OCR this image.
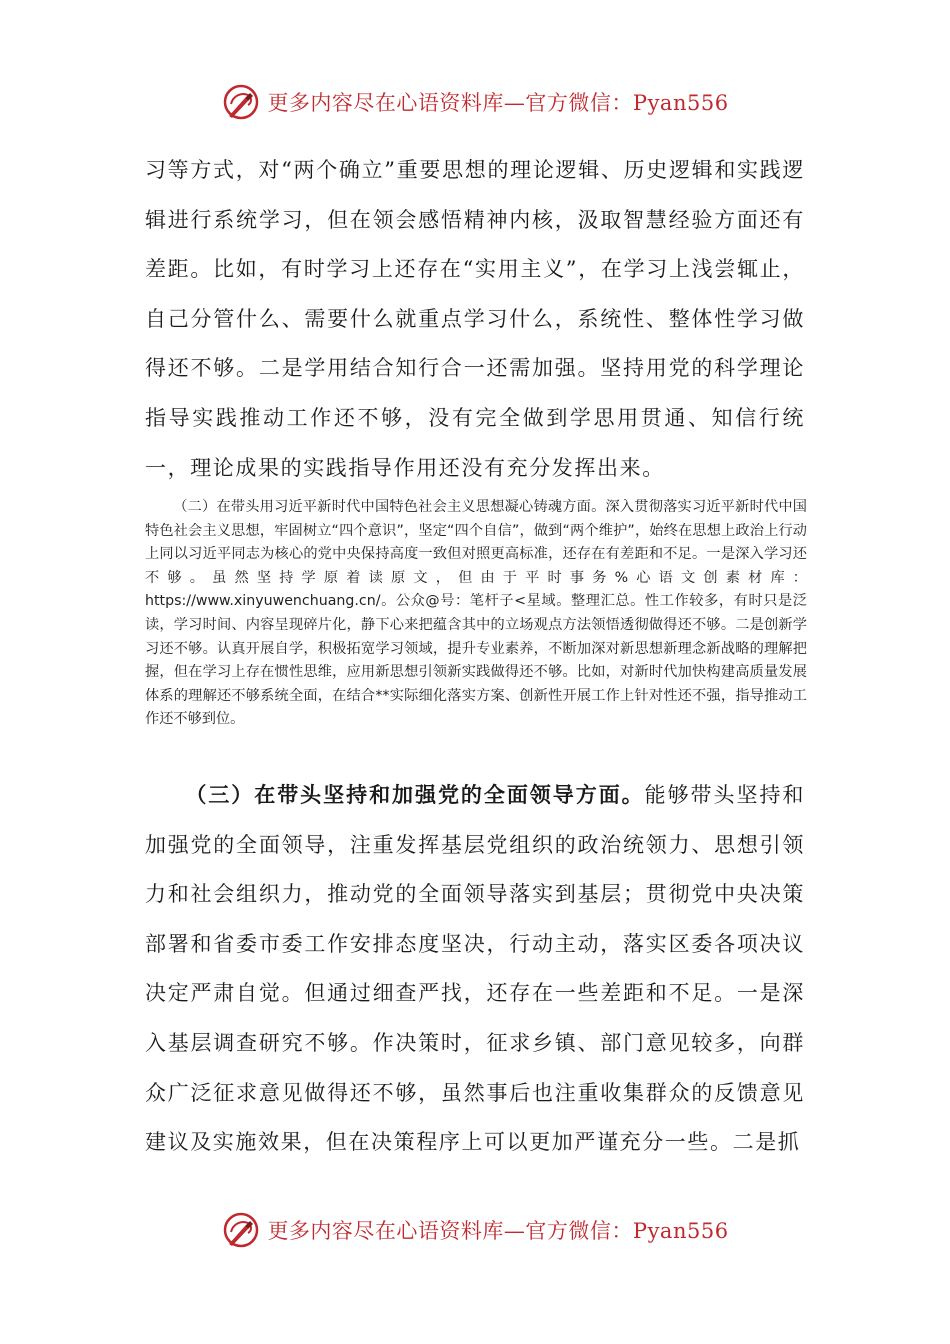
更多内容尽在心语资料库—官方微信：Pyan556

习等方式，对“两个确立”重要思想的理论逻辑、历史逻辑和实践逻辑进行系统学习，但在领会感悟精神内核，汲取智慧经验方面还有差距。比如，有时学习上还存在“实用主义”，在学习上浅尝辄止，自己分管什么、需要什么就重点学习什么，系统性、整体性学习做得还不够。二是学用结合知行合一还需加强。坚持用党的科学理论指导实践推动工作还不够，没有完全做到学思用贯通、知信行统一，理论成果的实践指导作用还没有充分发挥出来。

（二）在带头用习近平新时代中国特色社会主义思想凝心铸魂方面。深入贯彻落实习近平新时代中国特色社会主义思想，牢固树立“四个意识”，坚定“四个自信”，做到“两个维护”，始终在思想上政治上行动上同以习近平同志为核心的党中央保持高度一致但对照更高标准，还存在有差距和不足。一是深入学习还不够。虽然坚持学原着读原文，但由于平时事务%心语文创素材库：https://www.xinyuwenchuang.cn/。公众@号：笔杆子<星域。整理汇总。性工作较多，有时只是泛读，学习时间、内容呈现碎片化，静下心来把蕴含其中的立场观点方法领悟透彻做得还不够。二是创新学习还不够。认真开展自学，积极拓宽学习领域，提升专业素养，不断加深对新思想新理念新战略的理解把握，但在学习上存在惯性思维，应用新思想引领新实践做得还不够。比如，对新时代加快构建高质量发展体系的理解还不够系统全面，在结合**实际细化落实方案、创新性开展工作上针对性还不强，指导推动工作还不够到位。

（三）在带头坚持和加强党的全面领导方面。能够带头坚持和加强党的全面领导，注重发挥基层党组织的政治统领力、思想引领力和社会组织力，推动党的全面领导落实到基层；贯彻党中央决策部署和省委市委工作安排态度坚决，行动主动，落实区委各项决议决定严肃自觉。但通过细查严找，还存在一些差距和不足。一是深入基层调查研究不够。作决策时，征求乡镇、部门意见较多，向群众广泛征求意见做得还不够，虽然事后也注重收集群众的反馈意见建议及实施效果，但在决策程序上可以更加严谨充分一些。二是抓

更多内容尽在心语资料库—官方微信：Pyan556
